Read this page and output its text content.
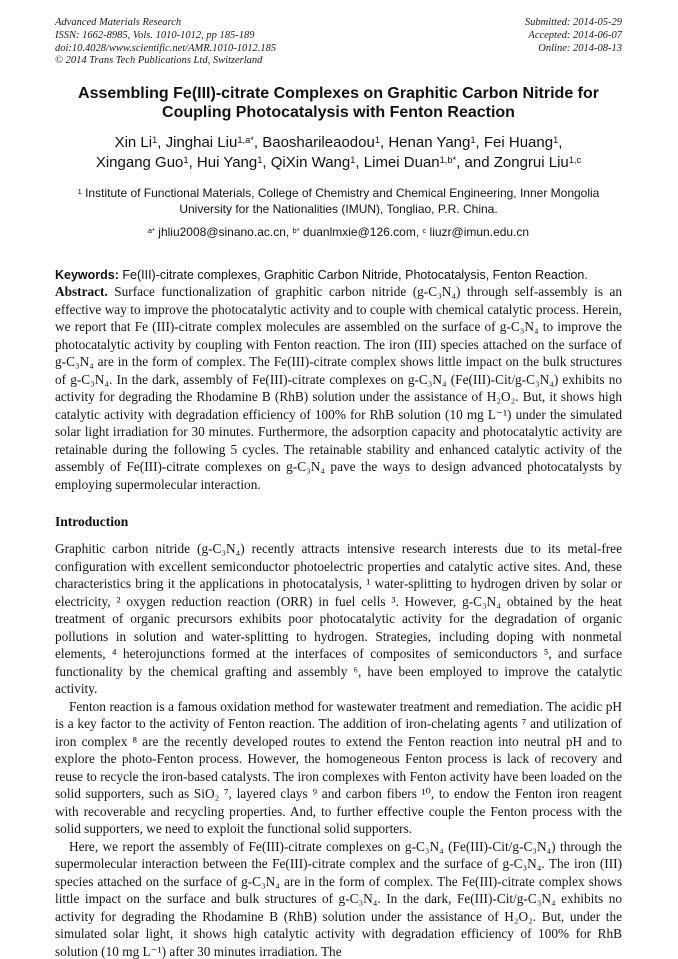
Advanced Materials Research
ISSN: 1662-8985, Vols. 1010-1012, pp 185-189
doi:10.4028/www.scientific.net/AMR.1010-1012.185
© 2014 Trans Tech Publications Ltd, Switzerland
Submitted: 2014-05-29
Accepted: 2014-06-07
Online: 2014-08-13
Assembling Fe(III)-citrate Complexes on Graphitic Carbon Nitride for
Coupling Photocatalysis with Fenton Reaction
Xin Li$^1$, Jinghai Liu$^{1,a*}$, Baosharileaodou$^1$, Henan Yang$^1$, Fei Huang$^1$,
Xingang Guo$^1$, Hui Yang$^1$, QiXin Wang$^1$, Limei Duan$^{1,b*}$, and Zongrui Liu$^{1,c}$
$^1$ Institute of Functional Materials, College of Chemistry and Chemical Engineering, Inner Mongolia
University for the Nationalities (IMUN), Tongliao, P.R. China.
$^{a*}$ jhliu2008@sinano.ac.cn, $^{b*}$ duanlmxie@126.com, $^c$ liuzr@imun.edu.cn
Keywords: Fe(III)-citrate complexes, Graphitic Carbon Nitride, Photocatalysis, Fenton Reaction.

Abstract. Surface functionalization of graphitic carbon nitride (g-C₃N₄) through self-assembly is an effective way to improve the photocatalytic activity and to couple with chemical catalytic process. Herein, we report that Fe (III)-citrate complex molecules are assembled on the surface of g-C₃N₄ to improve the photocatalytic activity by coupling with Fenton reaction. The iron (III) species attached on the surface of g-C₃N₄ are in the form of complex. The Fe(III)-citrate complex shows little impact on the bulk structures of g-C₃N₄. In the dark, assembly of Fe(III)-citrate complexes on g-C₃N₄ (Fe(III)-Cit/g-C₃N₄) exhibits no activity for degrading the Rhodamine B (RhB) solution under the assistance of H₂O₂. But, it shows high catalytic activity with degradation efficiency of 100% for RhB solution (10 mg L⁻¹) under the simulated solar light irradiation for 30 minutes. Furthermore, the adsorption capacity and photocatalytic activity are retainable during the following 5 cycles. The retainable stability and enhanced catalytic activity of the assembly of Fe(III)-citrate complexes on g-C₃N₄ pave the ways to design advanced photocatalysts by employing supermolecular interaction.

Introduction

Graphitic carbon nitride (g-C₃N₄) recently attracts intensive research interests due to its metal-free configuration with excellent semiconductor photoelectric properties and catalytic active sites. And, these characteristics bring it the applications in photocatalysis, ¹ water-splitting to hydrogen driven by solar or electricity, ² oxygen reduction reaction (ORR) in fuel cells ³. However, g-C₃N₄ obtained by the heat treatment of organic precursors exhibits poor photocatalytic activity for the degradation of organic pollutions in solution and water-splitting to hydrogen. Strategies, including doping with nonmetal elements, ⁴ heterojunctions formed at the interfaces of composites of semiconductors ⁵, and surface functionality by the chemical grafting and assembly ⁶, have been employed to improve the catalytic activity.

Fenton reaction is a famous oxidation method for wastewater treatment and remediation. The acidic pH is a key factor to the activity of Fenton reaction. The addition of iron-chelating agents ⁷ and utilization of iron complex ⁸ are the recently developed routes to extend the Fenton reaction into neutral pH and to explore the photo-Fenton process. However, the homogeneous Fenton process is lack of recovery and reuse to recycle the iron-based catalysts. The iron complexes with Fenton activity have been loaded on the solid supporters, such as SiO₂ ⁷, layered clays ⁹ and carbon fibers ¹⁰, to endow the Fenton iron reagent with recoverable and recycling properties. And, to further effective couple the Fenton process with the solid supporters, we need to exploit the functional solid supporters.

Here, we report the assembly of Fe(III)-citrate complexes on g-C₃N₄ (Fe(III)-Cit/g-C₃N₄) through the supermolecular interaction between the Fe(III)-citrate complex and the surface of g-C₃N₄. The iron (III) species attached on the surface of g-C₃N₄ are in the form of complex. The Fe(III)-citrate complex shows little impact on the surface and bulk structures of g-C₃N₄. In the dark, Fe(III)-Cit/g-C₃N₄ exhibits no activity for degrading the Rhodamine B (RhB) solution under the assistance of H₂O₂. But, under the simulated solar light, it shows high catalytic activity with degradation efficiency of 100% for RhB solution (10 mg L⁻¹) after 30 minutes irradiation. The
